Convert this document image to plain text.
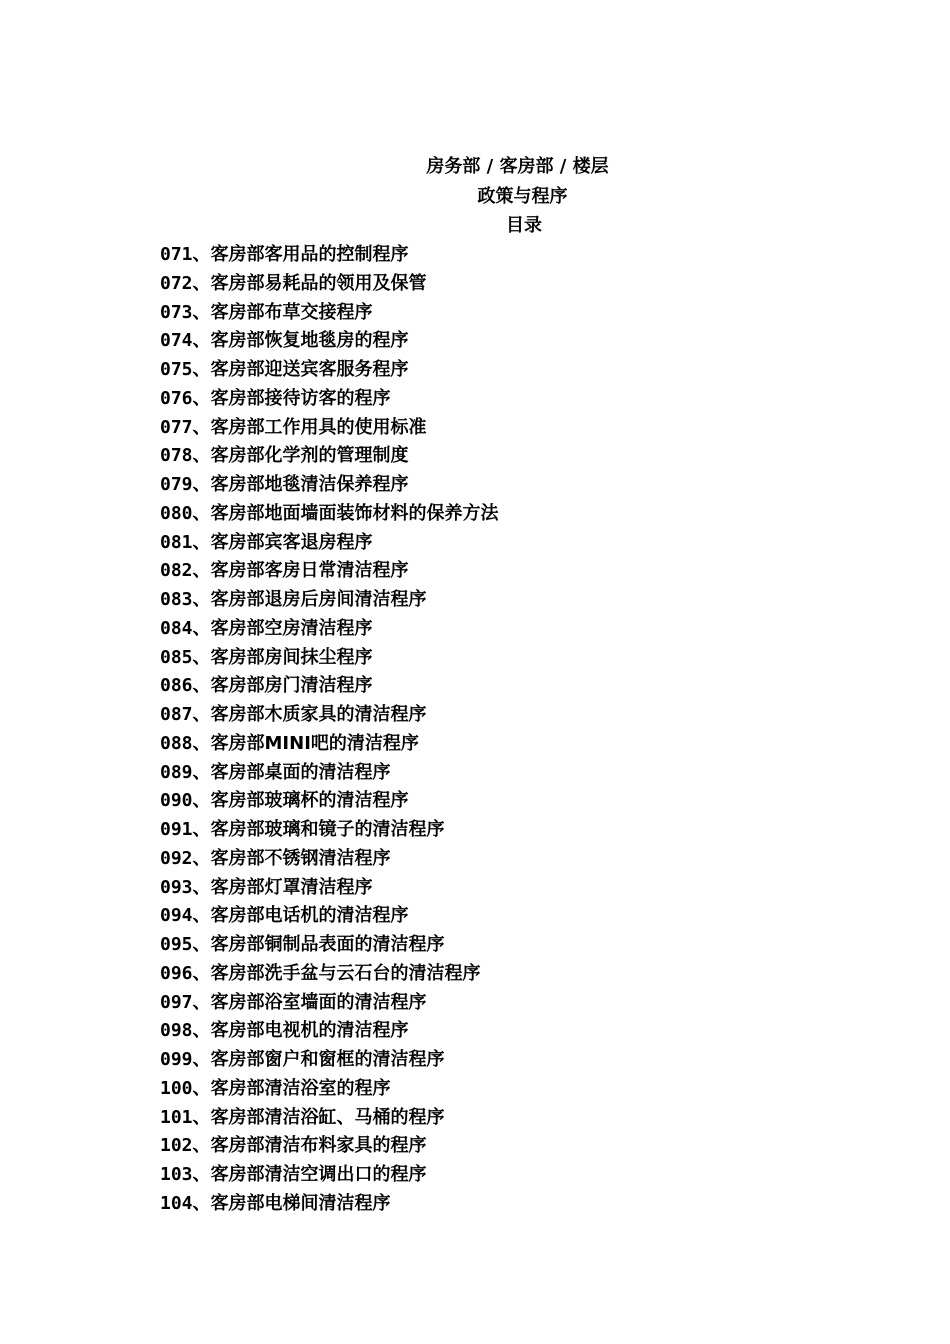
房务部 / 客房部 / 楼层
政策与程序
目录
071、客房部客用品的控制程序
072、客房部易耗品的领用及保管
073、客房部布草交接程序
074、客房部恢复地毯房的程序
075、客房部迎送宾客服务程序
076、客房部接待访客的程序
077、客房部工作用具的使用标准
078、客房部化学剂的管理制度
079、客房部地毯清洁保养程序
080、客房部地面墙面装饰材料的保养方法
081、客房部宾客退房程序
082、客房部客房日常清洁程序
083、客房部退房后房间清洁程序
084、客房部空房清洁程序
085、客房部房间抹尘程序
086、客房部房门清洁程序
087、客房部木质家具的清洁程序
088、客房部MINI吧的清洁程序
089、客房部桌面的清洁程序
090、客房部玻璃杯的清洁程序
091、客房部玻璃和镜子的清洁程序
092、客房部不锈钢清洁程序
093、客房部灯罩清洁程序
094、客房部电话机的清洁程序
095、客房部铜制品表面的清洁程序
096、客房部洗手盆与云石台的清洁程序
097、客房部浴室墙面的清洁程序
098、客房部电视机的清洁程序
099、客房部窗户和窗框的清洁程序
100、客房部清洁浴室的程序
101、客房部清洁浴缸、马桶的程序
102、客房部清洁布料家具的程序
103、客房部清洁空调出口的程序
104、客房部电梯间清洁程序
